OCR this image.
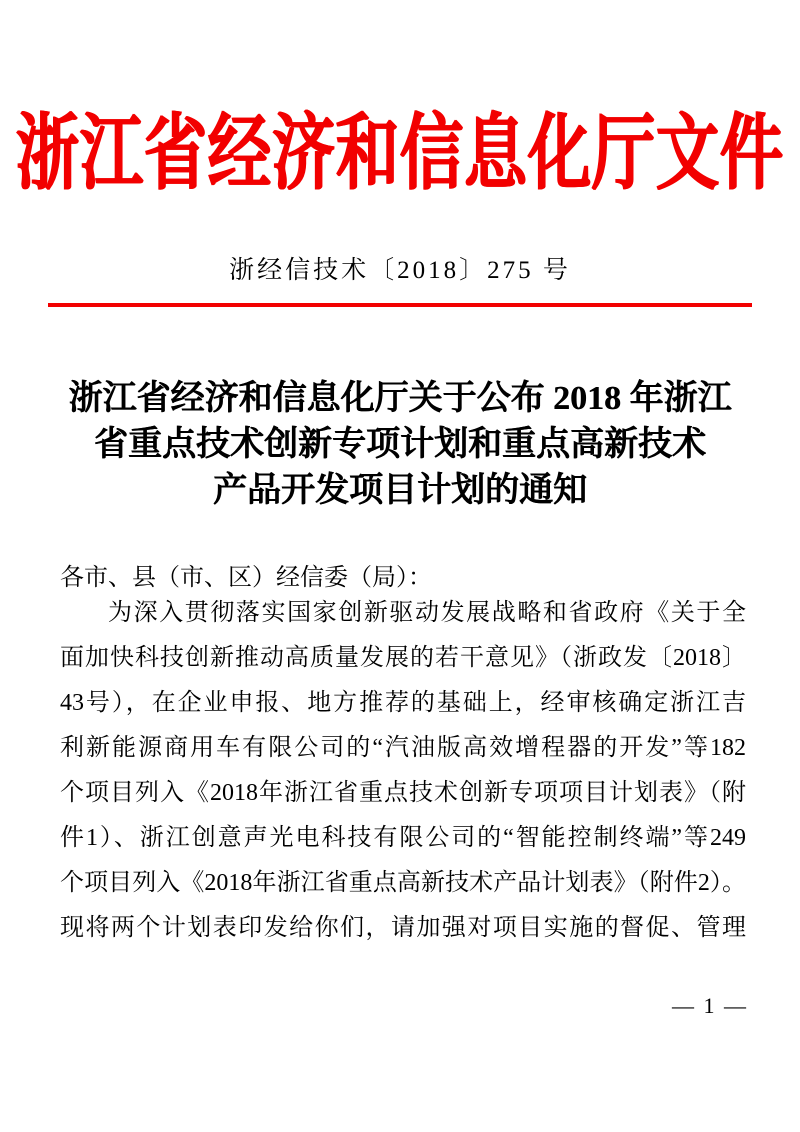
浙江省经济和信息化厅文件
浙经信技术〔2018〕275 号
浙江省经济和信息化厅关于公布 2018 年浙江
省重点技术创新专项计划和重点高新技术
产品开发项目计划的通知
各市、县（市、区）经信委（局）：
为深入贯彻落实国家创新驱动发展战略和省政府《关于全
面加快科技创新推动高质量发展的若干意见》（浙政发〔2018〕
43号），在企业申报、地方推荐的基础上，经审核确定浙江吉
利新能源商用车有限公司的“汽油版高效增程器的开发”等182
个项目列入《2018年浙江省重点技术创新专项项目计划表》（附
件1）、浙江创意声光电科技有限公司的“智能控制终端”等249
个项目列入《2018年浙江省重点高新技术产品计划表》（附件2）。
现将两个计划表印发给你们，请加强对项目实施的督促、管理
— 1 —
